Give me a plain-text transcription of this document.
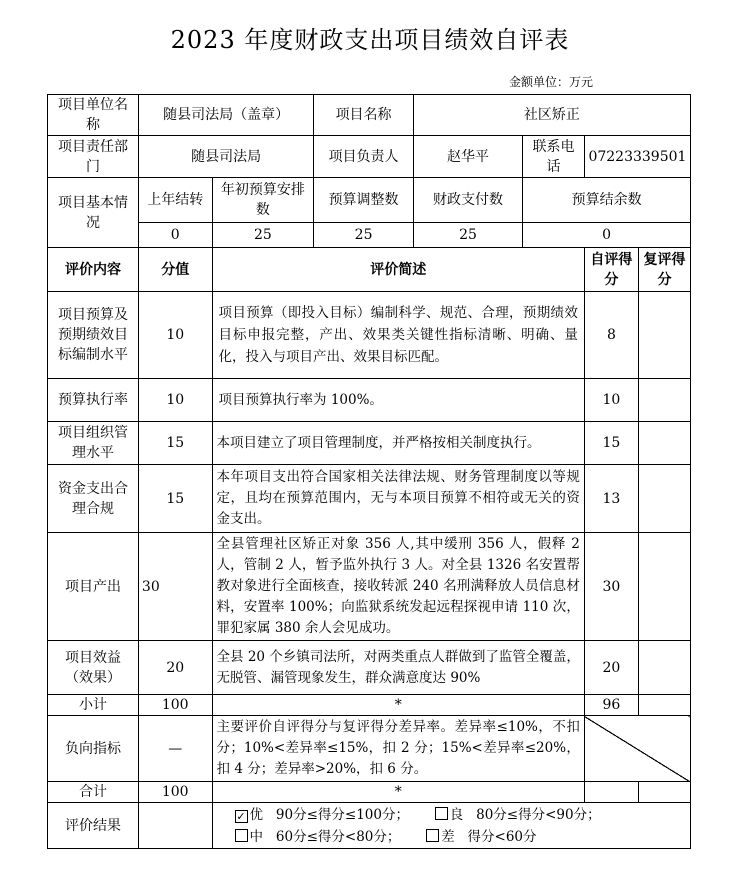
2023 年度财政支出项目绩效自评表
金额单位：万元
项目单位名称	随县司法局（盖章）		项目名称	社区矫正			
项目责任部门	随县司法局		项目负责人	赵华平	联系电话	07223339501	
项目基本情况	上年结转	年初预算安排数	预算调整数	财政支付数	预算结余数		
	0	25	25	25	0		
评价内容	分值	评价简述				自评得分	复评得分
项目预算及预期绩效目标编制水平	10	项目预算（即投入目标）编制科学、规范、合理，预期绩效目标申报完整，产出、效果类关键性指标清晰、明确、量化，投入与项目产出、效果目标匹配。				8	
预算执行率	10	项目预算执行率为 100%。				10	
项目组织管理水平	15	本项目建立了项目管理制度，并严格按相关制度执行。				15	
资金支出合理合规	15	本年项目支出符合国家相关法律法规、财务管理制度以等规定，且均在预算范围内，无与本项目预算不相符或无关的资金支出。				13	
项目产出	30	全县管理社区矫正对象 356 人,其中缓刑 356 人，假释 2 人，管制 2 人，暂予监外执行 3 人。对全县 1326 名安置帮教对象进行全面核查，接收转派 240 名刑满释放人员信息材料，安置率 100%；向监狱系统发起远程探视申请 110 次，罪犯家属 380 余人会见成功。				30	
项目效益（效果）	20	全县 20 个乡镇司法所，对两类重点人群做到了监管全覆盖，无脱管、漏管现象发生，群众满意度达 90%				20	
小计	100	*				96	
负向指标	—	主要评价自评得分与复评得分差异率。差异率≤10%，不扣分；10%<差异率≤15%，扣 2 分；15%<差异率≤20%，扣 4 分；差异率>20%，扣 6 分。					
合计	100	*					
评价结果		✓ 优 90分≤得分≤100分； 良 80分≤得分<90分；
中 60分≤得分<80分； 差 得分<60分					
